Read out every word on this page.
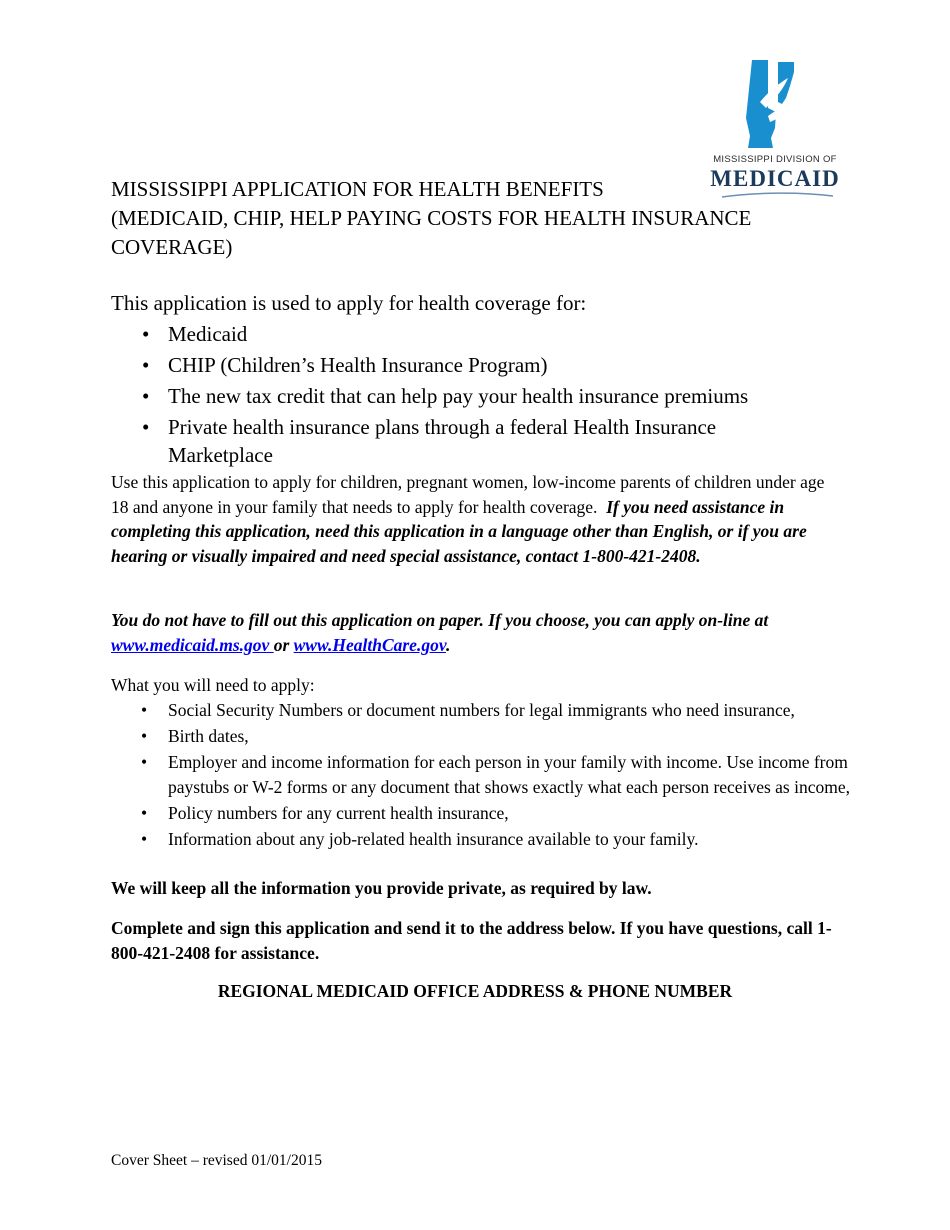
MISSISSIPPI DIVISION OF
MEDICAID
MISSISSIPPI APPLICATION FOR HEALTH BENEFITS
(MEDICAID, CHIP, HELP PAYING COSTS FOR HEALTH INSURANCE COVERAGE)
This application is used to apply for health coverage for:
• Medicaid
• CHIP (Children’s Health Insurance Program)
• The new tax credit that can help pay your health insurance premiums
• Private health insurance plans through a federal Health Insurance Marketplace
Use this application to apply for children, pregnant women, low-income parents of children under age 18 and anyone in your family that needs to apply for health coverage. If you need assistance in completing this application, need this application in a language other than English, or if you are hearing or visually impaired and need special assistance, contact 1-800-421-2408.
You do not have to fill out this application on paper. If you choose, you can apply on-line at www.medicaid.ms.gov or www.HealthCare.gov.
What you will need to apply:
• Social Security Numbers or document numbers for legal immigrants who need insurance,
• Birth dates,
• Employer and income information for each person in your family with income. Use income from paystubs or W-2 forms or any document that shows exactly what each person receives as income,
• Policy numbers for any current health insurance,
• Information about any job-related health insurance available to your family.
We will keep all the information you provide private, as required by law.
Complete and sign this application and send it to the address below. If you have questions, call 1-800-421-2408 for assistance.
REGIONAL MEDICAID OFFICE ADDRESS & PHONE NUMBER
Cover Sheet – revised 01/01/2015
